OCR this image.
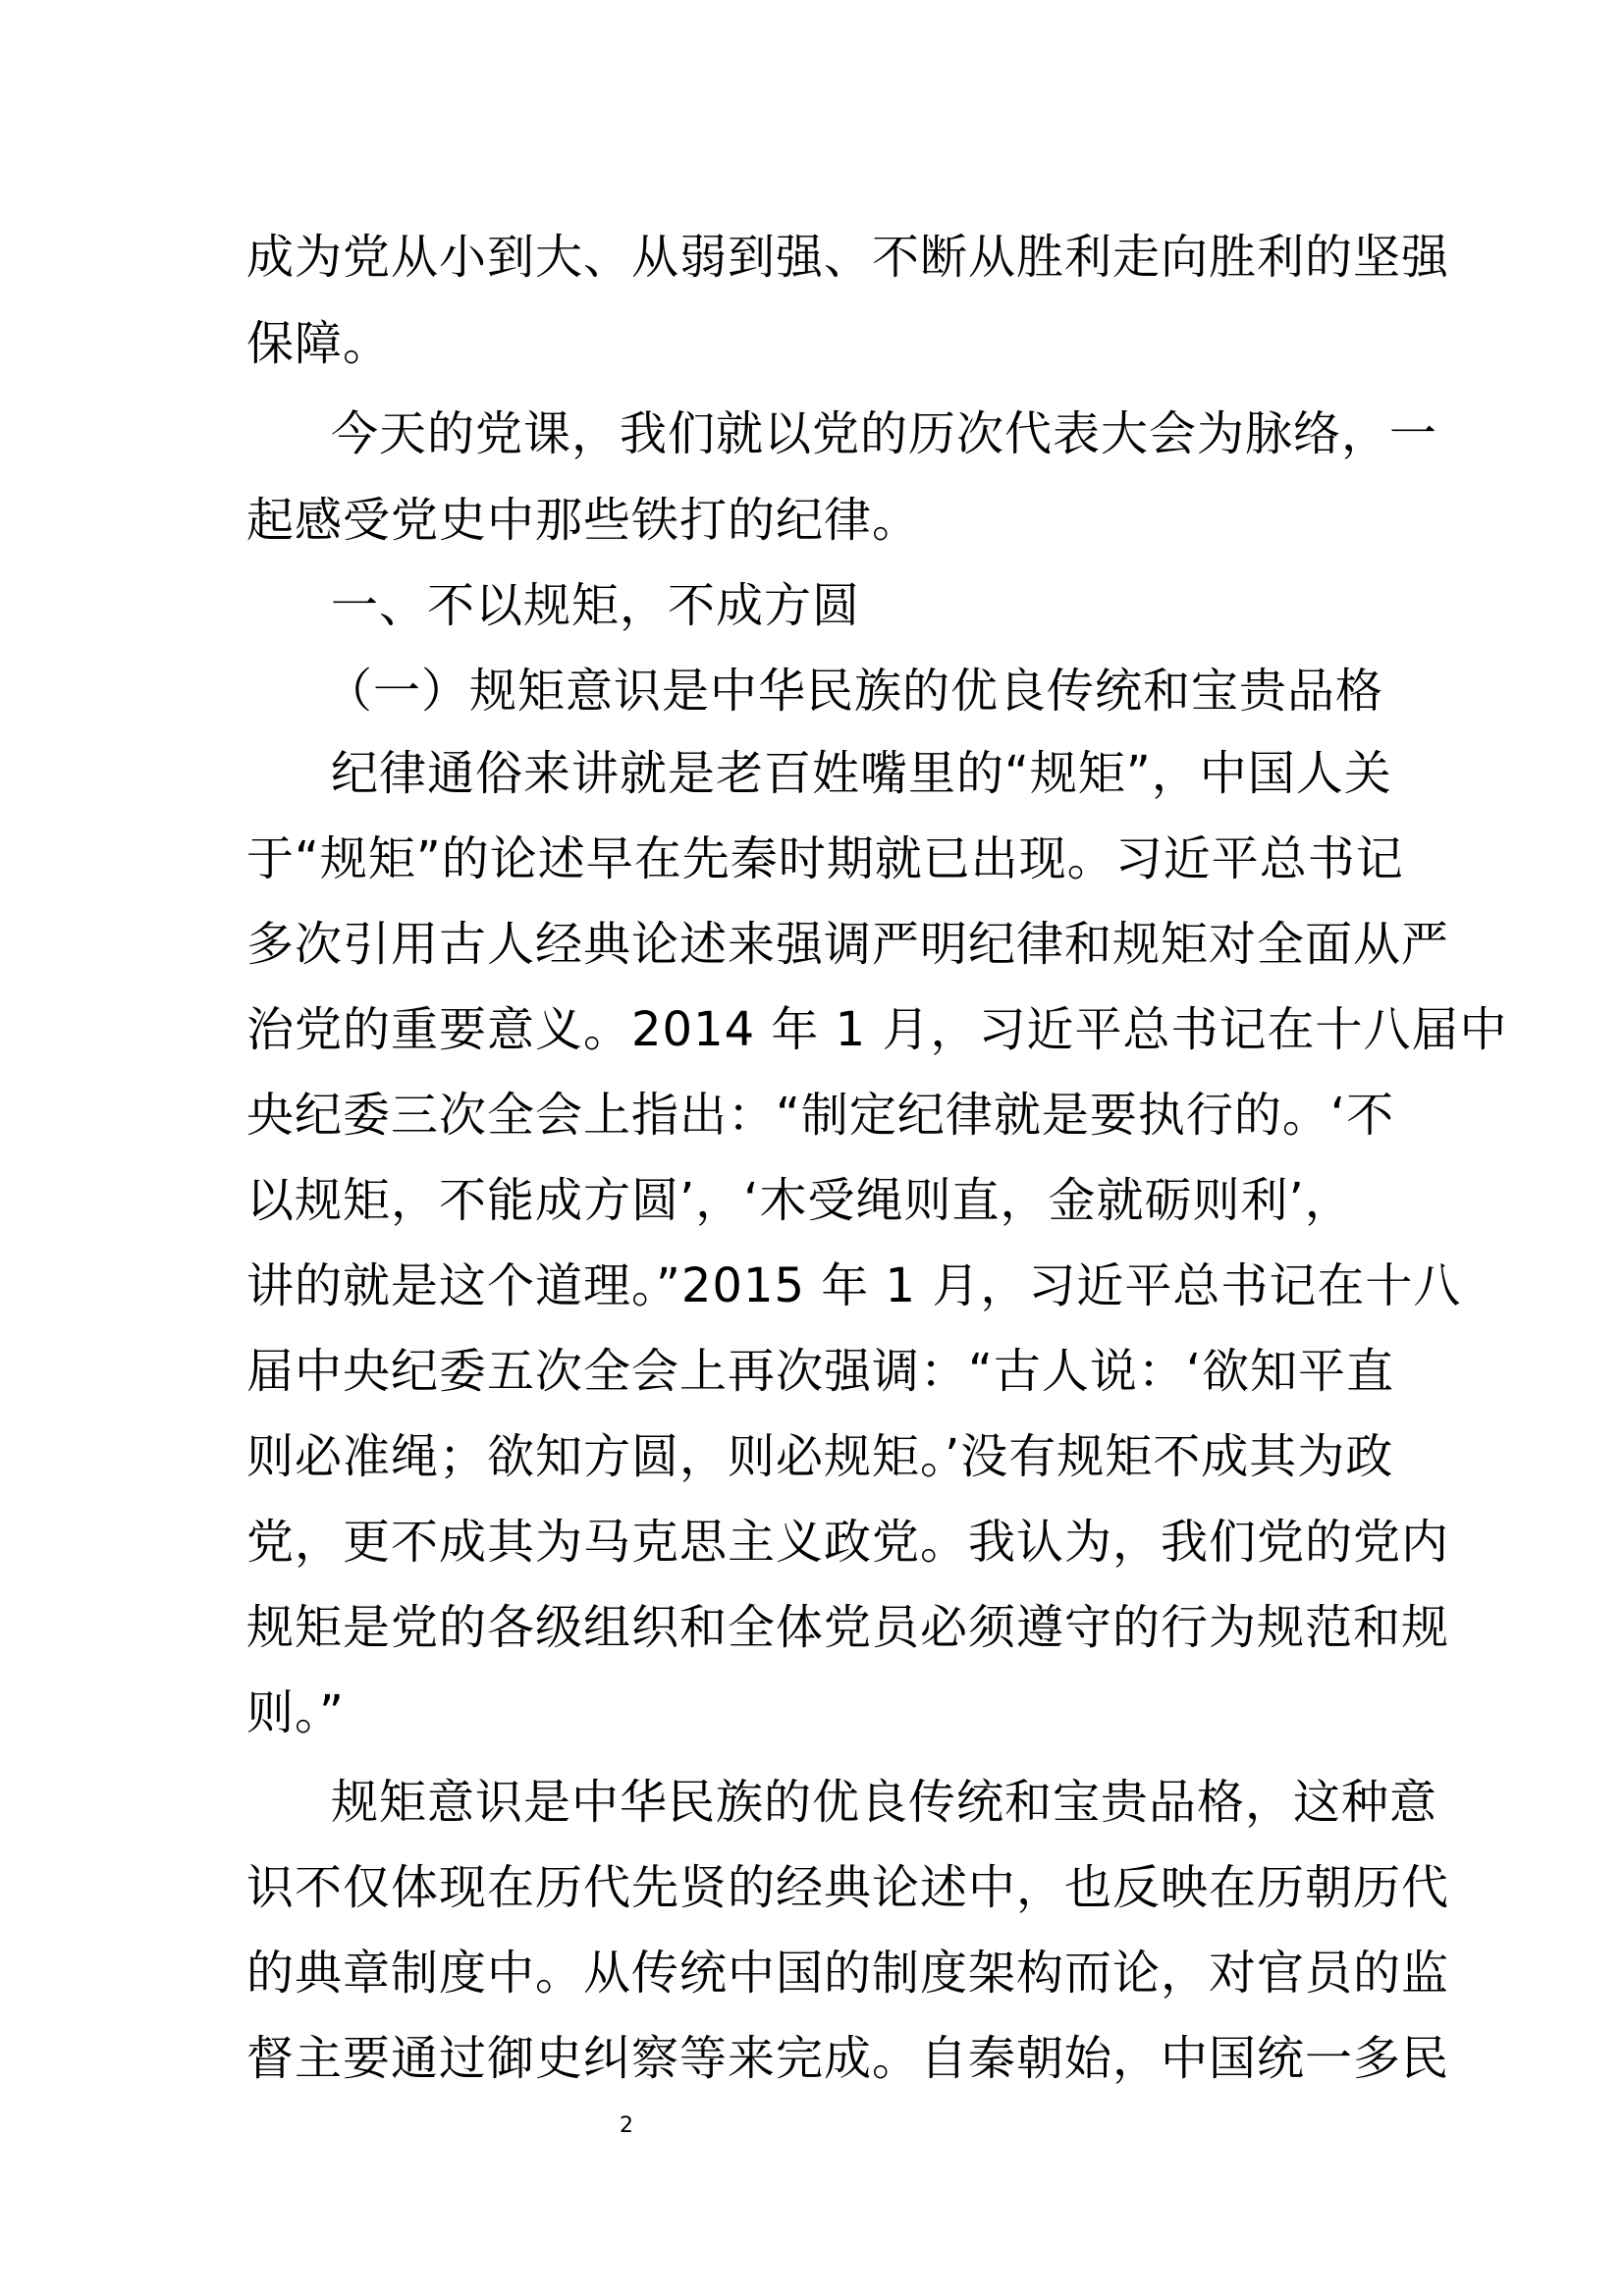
成为党从小到大、从弱到强、不断从胜利走向胜利的坚强
保障。
今天的党课，我们就以党的历次代表大会为脉络，一
起感受党史中那些铁打的纪律。
一、不以规矩，不成方圆
（一）规矩意识是中华民族的优良传统和宝贵品格
纪律通俗来讲就是老百姓嘴里的“规矩”，中国人关
于“规矩”的论述早在先秦时期就已出现。习近平总书记
多次引用古人经典论述来强调严明纪律和规矩对全面从严
治党的重要意义。2014 年 1 月，习近平总书记在十八届中
央纪委三次全会上指出：“制定纪律就是要执行的。‘不
以规矩，不能成方圆’，‘木受绳则直，金就砺则利’，
讲的就是这个道理。”2015 年 1 月，习近平总书记在十八
届中央纪委五次全会上再次强调：“古人说：‘欲知平直
则必准绳；欲知方圆，则必规矩。’没有规矩不成其为政
党，更不成其为马克思主义政党。我认为，我们党的党内
规矩是党的各级组织和全体党员必须遵守的行为规范和规
则。”
规矩意识是中华民族的优良传统和宝贵品格，这种意
识不仅体现在历代先贤的经典论述中，也反映在历朝历代
的典章制度中。从传统中国的制度架构而论，对官员的监
督主要通过御史纠察等来完成。自秦朝始，中国统一多民
2
